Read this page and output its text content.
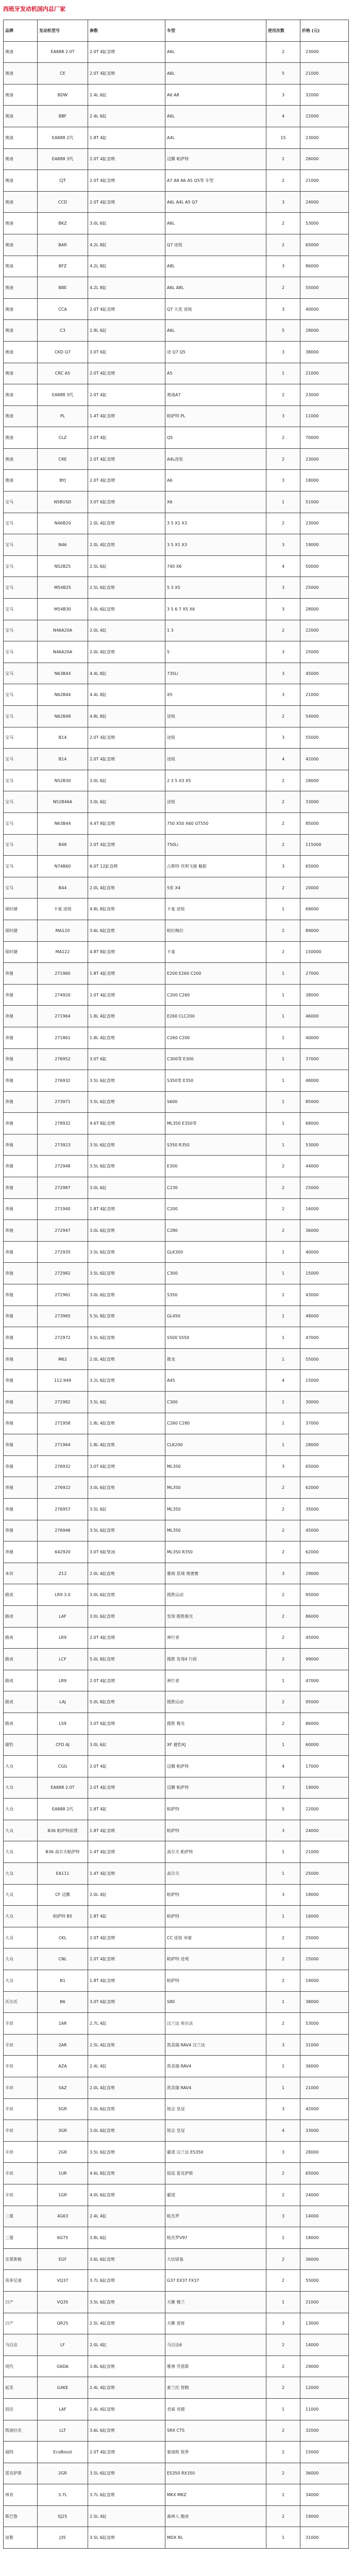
西班牙发动机国内总厂家
品牌	发动机型号	参数	车型	使用次数	价格 (元)
奥迪	EA888 2.0T	2.0T 4缸直喷	A6L	2	23000
奥迪	CE	2.0T 4缸直喷	A6L	5	21000
奥迪	BDW	2.4L 6缸	A6 A8	3	32000
奥迪	BBF	2.4L 6缸	A6L	4	22000
奥迪	EA888 2代	1.8T 4缸	A4L	15	23000
奥迪	EA888 3代	2.0T 4缸直喷	迈腾 帕萨特	1	26000
奥迪	CJT	2.0T 4缸直喷	A7 A8 A6 A5 Q5等 车型	2	21000
奥迪	CCD	2.0T 4缸直喷	A6L A4L A5 Q7	3	24000
奥迪	BKZ	3.0L 6缸	A6L	2	53000
奥迪	BAR	4.2L 8缸	Q7 途锐	2	65000
奥迪	BFZ	4.2L 8缸	A8L	3	86000
奥迪	BBE	4.2L 8缸	A6L A8L	2	55000
奥迪	CCA	2.0T 4缸直喷	Q7 大发 途锐	3	40000
奥迪	C3	2.8L 6缸	A6L	5	28000
奥迪	CKD Q7	3.0T 6缸	途 Q7 Q5	3	38000
奥迪	CRC A5	2.0T 4缸直喷	A5	1	21000
奥迪	EA888 3代	2.0T 4缸	奥迪A7	2	23000
奥迪	PL	1.4T 4缸直喷	帕萨特 PL	3	11000
奥迪	CLZ	2.0T 4缸	Q5	2	70000
奥迪	CRE	2.0T 4缸直喷	A4L改装	2	23000
奥迪	BYJ	2.0T 4缸直喷	A6	3	18000
宝马	N5BUSD	3.0T 6缸直喷	X6	1	51000
宝马	N46B20	2.0L 4缸直喷	3 5 X1 X3	2	23000
宝马	N46	2.0L 4缸直喷	3 5 X1 X3	3	19000
宝马	N52B25	2.5L 6缸	740 X6	4	50000
宝马	M54B25	2.5L 6缸直喷	5 3 X5	3	25000
宝马	M54B30	3.0L 6缸直喷	3 5 6 7 X5 X6	3	28000
宝马	N46A20A	2.0L 4缸	1 3	2	22000
宝马	N46A20A	2.0L 4缸直喷	5	3	25000
宝马	N63B44	4.4L 8缸	735Li	3	45000
宝马	N62B44	4.4L 8缸	X5	3	21000
宝马	N62B48	4.8L 8缸	途锐	2	54000
宝马	B14	2.0T 4缸直喷	途锐	3	55000
宝马	B14	2.0T 4缸直喷	途锐	4	42000
宝马	N52B30	3.0L 6缸	2 3 5 X3 X5	2	28000
宝马	N52B46A	3.0L 6缸	途锐	2	33000
宝马	N63B44	4.4T 8缸直喷	750 X50 X60 GT550	2	85000
宝马	B48	2.0T 4缸直喷	750Li	2	115000
宝马	N74B60	6.0T 12缸直喷	古斯特 宾利飞驰 魅影	3	65000
宝马	B44	2.0L 4缸直喷	5系 X4	2	20000
保时捷	卡宴 途锐	4.8L 8缸直喷	卡宴 途锐	1	69000
保时捷	MA120	3.6L 6缸直喷	帕拉梅拉	2	89000
保时捷	MA122	4.8T 8缸直喷	卡宴	2	150000
奔驰	271960	1.8T 4缸直喷	E200 E260 C200	1	27000
奔驰	274920	2.0T 4缸直喷	C200 C260	1	38000
奔驰	271964	1.8L 4缸直喷	E260 CLC200	1	46000
奔驰	271861	1.8L 4缸直喷	C260 C200	1	40000
奔驰	276952	3.0T 6缸	C300等 E300	1	37000
奔驰	276932	3.5L 6缸直喷	S350等 E350	1	48000
奔驰	273971	3.5L 6缸直喷	S600	1	85000
奔驰	278932	4.6T 8缸直喷	ML350 E350等	1	68000
奔驰	273923	3.5L 6缸直喷	S350 R350	1	53000
奔驰	272948	3.5L 6缸直喷	E300	2	44000
奔驰	272987	3.0L 6缸	C230	2	25000
奔驰	271940	1.8T 4缸直喷	C200	2	16000
奔驰	272947	3.0L 6缸直喷	C280	2	36000
奔驰	272935	3.5L 6缸直喷	GLK300	1	40000
奔驰	272982	3.5L 6缸直喷	C300	1	15000
奔驰	272961	3.0L 6缸直喷	S350	1	43000
奔驰	273965	5.5L 8缸直喷	GL450	1	48000
奔驰	272972	3.5L 6缸直喷	S500 S550	1	47000
奔驰	M62	2.0L 4缸直喷	微龙	1	55000
奔驰	112.949	3.2L 6缸直喷	A45	4	15000
奔驰	272982	3.5L 6缸	C300	1	30000
奔驰	271958	1.8L 4缸直喷	C260 C280	1	37000
奔驰	271964	1.8L 4缸直喷	CLK200	1	28000
奔驰	276932	3.0T 6缸直喷	ML350	3	65000
奔驰	276922	3.0L 6缸直喷	ML350	2	62000
奔驰	276957	3.5L 6缸	ML350	2	35000
奔驰	276946	3.5L 6缸直喷	ML350	2	45000
奔驰	642920	3.0T 6缸柴油	ML350 R350	2	62000
本田	Z12	2.0L 4缸直喷	雅阁 思域 奥德赛	3	29000
路虎	LR9 3.0	3.0L 6缸直喷	揽胜运动	2	95000
路虎	LAF	3.0L 6缸直喷	发现 揽胜极光	2	86000
路虎	LR9	2.0T 4缸直喷	神行者	2	45000
路虎	LCF	5.0L 8缸直喷	揽胜 发现4 行政	2	99000
路虎	LR9	2.0T 4缸直喷	神行者	1	47000
路虎	LAJ	5.0L 8缸直喷	揽胜运动	2	95000
路虎	LS9	3.0T 6缸直喷	揽胜 极光	2	86000
捷豹	CFD AJ	3.0L 6缸	XF 捷豹XJ	1	60000
大众	CGG	2.0T 4缸	迈腾 帕萨特	4	17000
大众	EA888 2.0T	2.0T 4缸直喷	迈腾 帕萨特	3	19000
大众	EA888 2代	1.8T 4缸	帕萨特	5	22000
大众	B36 帕萨特前置	1.8T 4缸直喷	帕萨特	3	24000
大众	B36 高尔夫帕萨特	1.4T 4缸直喷	高尔夫 帕萨特	1	21000
大众	EA111	1.4T 4缸直喷	高尔夫	1	25000
大众	CF 迈腾	2.0L 4缸	帕萨特	3	18000
大众	帕萨特 B5	1.8T 4缸	帕萨特	1	16000
大众	CKL	2.0T 4缸直喷	CC 途锐 帝豪	2	25000
大众	CNL	2.0T 4缸直喷	帕萨特 途观	2	25000
大众	B1	1.8T 4缸直喷	帕萨特	2	19000
沃尔沃	B6	3.0T 6缸直喷	S80	1	38000
丰田	1AR	2.7L 4缸	汉兰达 埃尔法	2	53000
丰田	2AR	2.5L 4缸直喷	凯美瑞 RAV4 汉兰达	3	31000
丰田	AZA	2.4L 4缸	凯美瑞 RAV4	1	36000
丰田	5AZ	2.0L 4缸直喷	凯美瑞 RAV4	1	21000
丰田	5GR	3.0L 6缸直喷	锐志 皇冠	3	42000
丰田	3GR	3.0L 6缸直喷	锐志 皇冠	4	33000
丰田	2GR	3.5L 6缸直喷	霸道 汉兰达 ES350	3	28000
丰田	1UR	4.6L 8缸直喷	陆巡 雷克萨斯	2	65000
丰田	1GR	4.0L 6缸直喷	霸道	2	24000
三菱	4G63	2.4L 4缸	帕杰罗	3	14000
三菱	6G75	3.8L 6缸	帕杰罗V97	1	18000
克莱斯勒	EGF	3.6L 6缸直喷	大切诺基	2	36000
英菲尼迪	VQ37	3.7L 6缸直喷	G37 EX37 FX37	2	55000
日产	VQ35	3.5L 6缸直喷	天籁 楼兰	1	21000
日产	QR25	2.5L 4缸直喷	天籁 逍客	3	13000
马自达	LF	2.0L 4缸	马自达6	2	14000
现代	G6DA	3.8L 6缸直喷	雅尊 劳恩斯	2	29000
起亚	G4KE	2.4L 4缸直喷	索兰托 智跑	2	12000
别克	LAF	2.4L 4缸直喷	君威 君越	1	11000
凯迪拉克	LLT	3.6L 6缸直喷	SRX CTS	2	32000
福特	EcoBoost	2.0T 4缸直喷	蒙迪欧 锐界	2	15000
雷克萨斯	2GR	3.5L 6缸直喷	ES350 RX350	2	36000
林肯	3.7L	3.7L 6缸直喷	MKX MKZ	1	34000
斯巴鲁	EJ25	2.5L 4缸	森林人 傲虎	2	19000
讴歌	J35	3.5L 6缸直喷	MDX RL	1	31000
